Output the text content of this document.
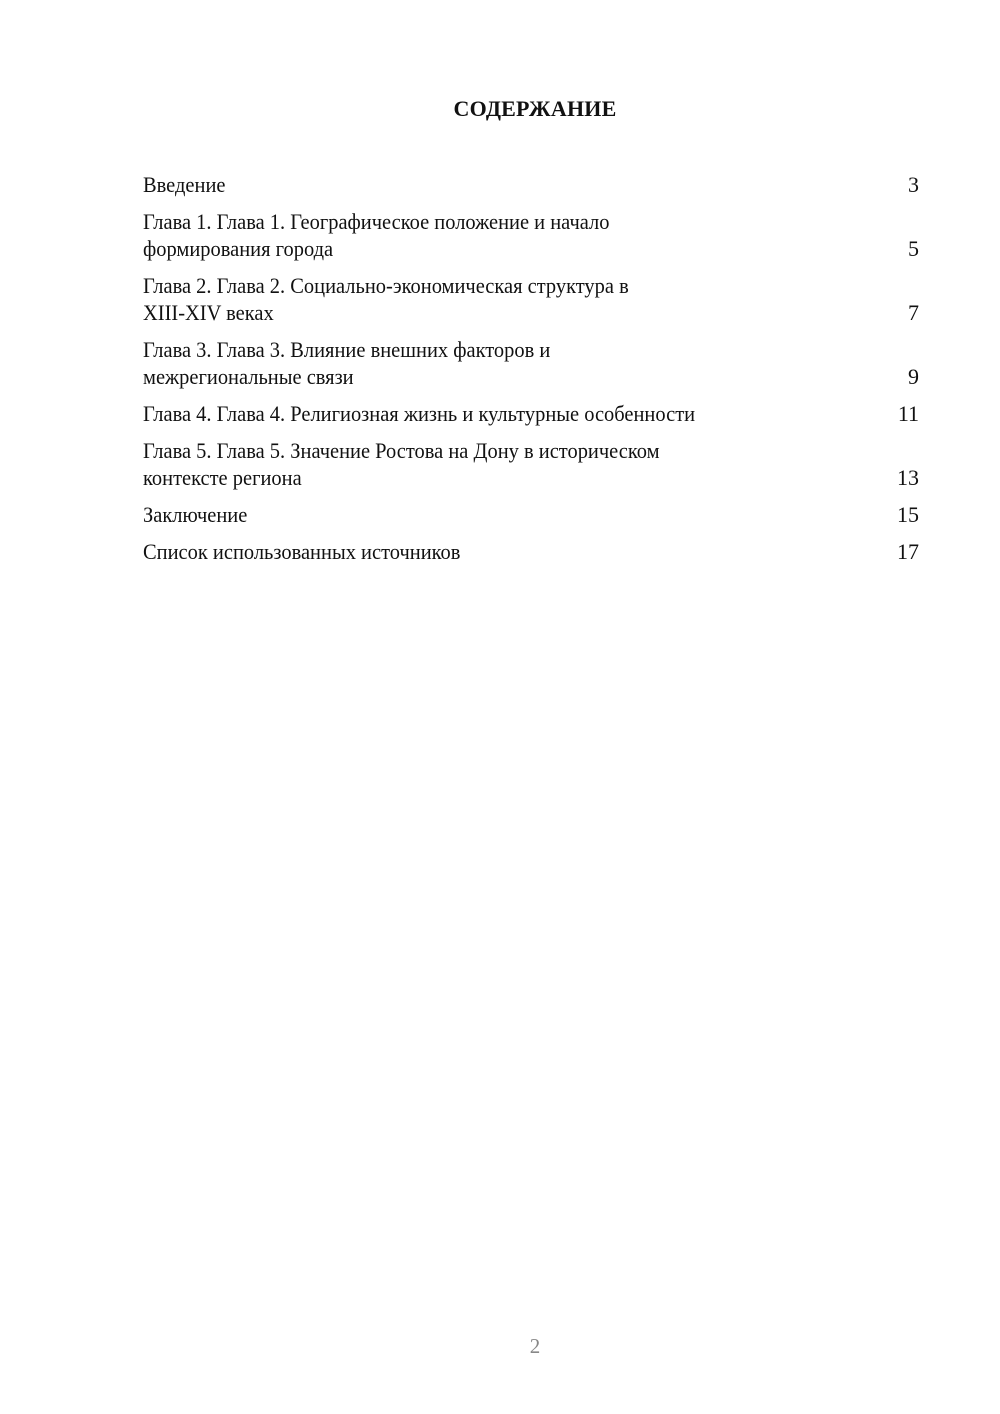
СОДЕРЖАНИЕ
Введение	3
Глава 1. Глава 1. Географическое положение и начало
формирования города	5
Глава 2. Глава 2. Социально-экономическая структура в
XIII-XIV веках	7
Глава 3. Глава 3. Влияние внешних факторов и
межрегиональные связи	9
Глава 4. Глава 4. Религиозная жизнь и культурные особенности	11
Глава 5. Глава 5. Значение Ростова на Дону в историческом
контексте региона	13
Заключение	15
Список использованных источников	17
2
